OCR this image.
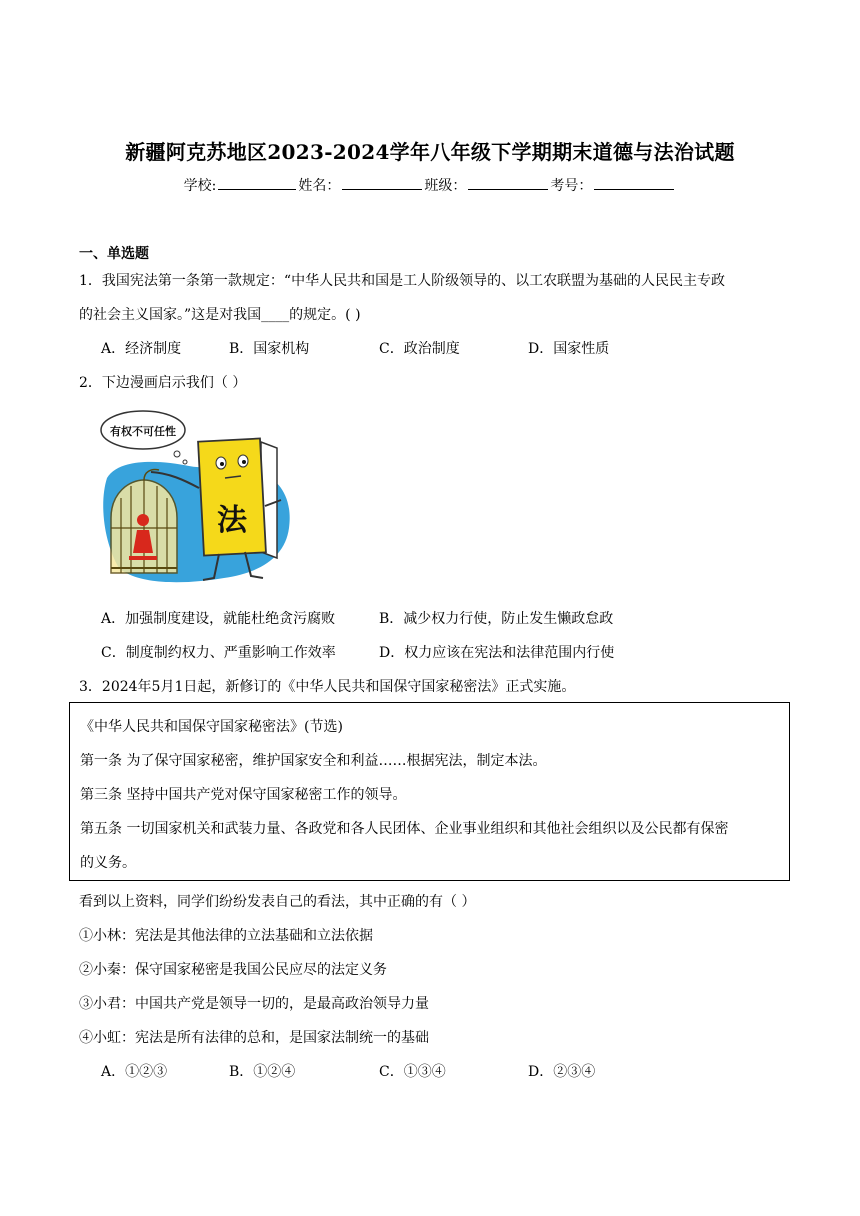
新疆阿克苏地区2023-2024学年八年级下学期期末道德与法治试题
学校:	姓名：	班级：	考号：
一、单选题
1．我国宪法第一条第一款规定：“中华人民共和国是工人阶级领导的、以工农联盟为基础的人民民主专政
的社会主义国家。”这是对我国____的规定。( )
A．经济制度	B．国家机构	C．政治制度	D．国家性质
2．下边漫画启示我们（ ）
有权不可任性
法
A．加强制度建设，就能杜绝贪污腐败	B．减少权力行使，防止发生懒政怠政
C．制度制约权力、严重影响工作效率	D．权力应该在宪法和法律范围内行使
3．2024年5月1日起，新修订的《中华人民共和国保守国家秘密法》正式实施。
《中华人民共和国保守国家秘密法》(节选)
第一条 为了保守国家秘密，维护国家安全和利益……根据宪法，制定本法。
第三条 坚持中国共产党对保守国家秘密工作的领导。
第五条 一切国家机关和武装力量、各政党和各人民团体、企业事业组织和其他社会组织以及公民都有保密
的义务。
看到以上资料，同学们纷纷发表自己的看法，其中正确的有（ ）
①小林：宪法是其他法律的立法基础和立法依据
②小秦：保守国家秘密是我国公民应尽的法定义务
③小君：中国共产党是领导一切的，是最高政治领导力量
④小虹：宪法是所有法律的总和，是国家法制统一的基础
A．①②③	B．①②④	C．①③④	D．②③④
